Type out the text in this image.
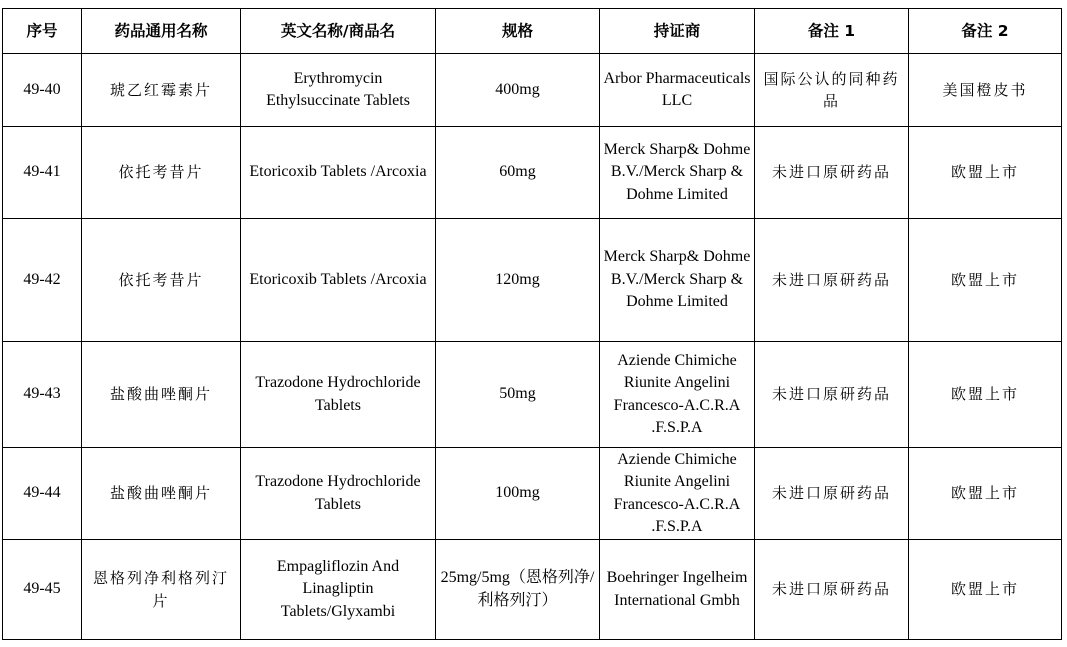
序号	药品通用名称	英文名称/商品名	规格	持证商	备注 1	备注 2
49-40	琥乙红霉素片	Erythromycin Ethylsuccinate Tablets	400mg	Arbor Pharmaceuticals LLC	国际公认的同种药品	美国橙皮书
49-41	依托考昔片	Etoricoxib Tablets /Arcoxia	60mg	Merck Sharp& Dohme B.V./Merck Sharp & Dohme Limited	未进口原研药品	欧盟上市
49-42	依托考昔片	Etoricoxib Tablets /Arcoxia	120mg	Merck Sharp& Dohme B.V./Merck Sharp & Dohme Limited	未进口原研药品	欧盟上市
49-43	盐酸曲唑酮片	Trazodone Hydrochloride Tablets	50mg	Aziende Chimiche Riunite Angelini Francesco-A.C.R.A .F.S.P.A	未进口原研药品	欧盟上市
49-44	盐酸曲唑酮片	Trazodone Hydrochloride Tablets	100mg	Aziende Chimiche Riunite Angelini Francesco-A.C.R.A .F.S.P.A	未进口原研药品	欧盟上市
49-45	恩格列净利格列汀片	Empagliflozin And Linagliptin Tablets/Glyxambi	25mg/5mg（恩格列净/利格列汀）	Boehringer Ingelheim International Gmbh	未进口原研药品	欧盟上市
